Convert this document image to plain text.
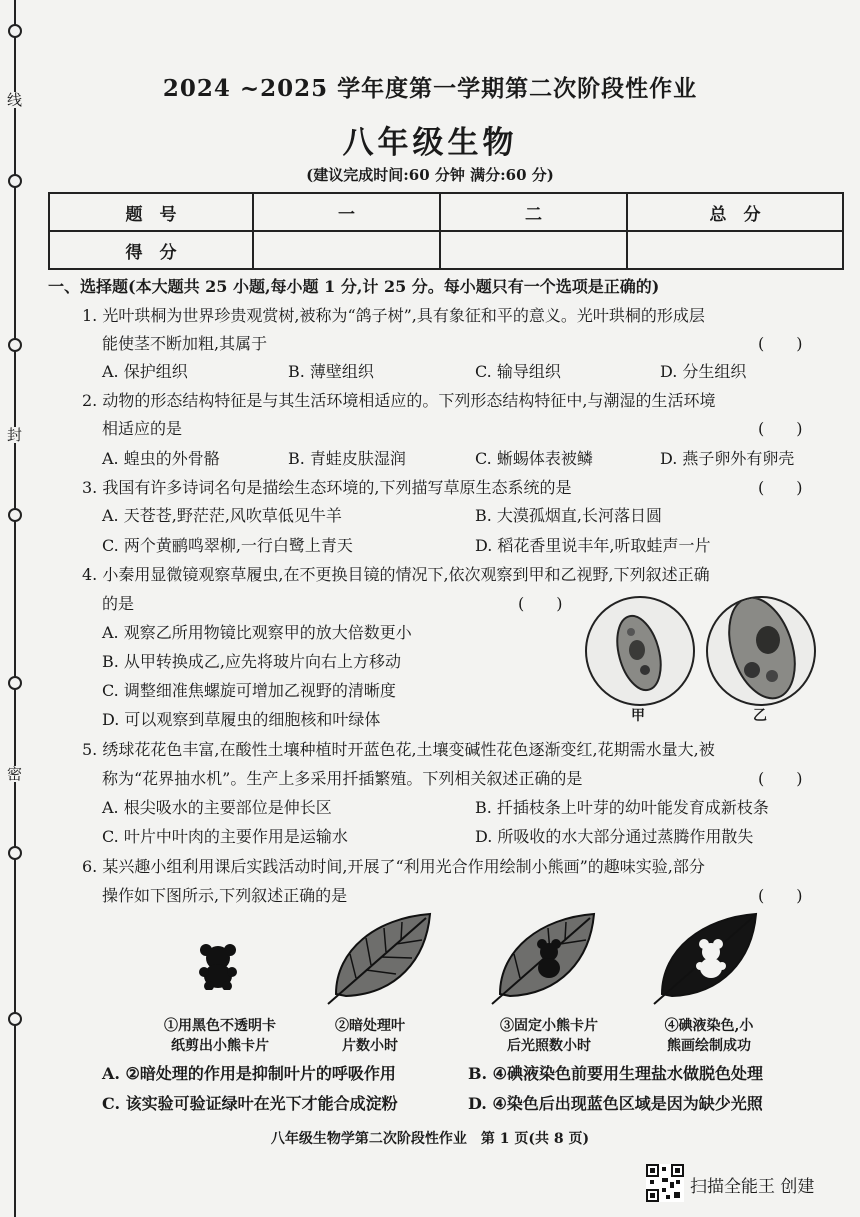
线
封
密
2024 ~2025 学年度第一学期第二次阶段性作业
八年级生物
(建议完成时间:60 分钟 满分:60 分)
题　号	一	二	总　分
得　分			
一、选择题(本大题共 25 小题,每小题 1 分,计 25 分。每小题只有一个选项是正确的)
1. 光叶珙桐为世界珍贵观赏树,被称为“鸽子树”,具有象征和平的意义。光叶珙桐的形成层
能使茎不断加粗,其属于	(　　)
A. 保护组织	B. 薄壁组织	C. 输导组织	D. 分生组织
2. 动物的形态结构特征是与其生活环境相适应的。下列形态结构特征中,与潮湿的生活环境
相适应的是	(　　)
A. 蝗虫的外骨骼	B. 青蛙皮肤湿润	C. 蜥蜴体表被鳞	D. 燕子卵外有卵壳
3. 我国有许多诗词名句是描绘生态环境的,下列描写草原生态系统的是	(　　)
A. 天苍苍,野茫茫,风吹草低见牛羊	B. 大漠孤烟直,长河落日圆
C. 两个黄鹂鸣翠柳,一行白鹭上青天	D. 稻花香里说丰年,听取蛙声一片
4. 小秦用显微镜观察草履虫,在不更换目镜的情况下,依次观察到甲和乙视野,下列叙述正确
的是	(　　)
A. 观察乙所用物镜比观察甲的放大倍数更小
B. 从甲转换成乙,应先将玻片向右上方移动
C. 调整细准焦螺旋可增加乙视野的清晰度
D. 可以观察到草履虫的细胞核和叶绿体	甲	乙
5. 绣球花花色丰富,在酸性土壤种植时开蓝色花,土壤变碱性花色逐渐变红,花期需水量大,被
称为“花界抽水机”。生产上多采用扦插繁殖。下列相关叙述正确的是	(　　)
A. 根尖吸水的主要部位是伸长区	B. 扦插枝条上叶芽的幼叶能发育成新枝条
C. 叶片中叶肉的主要作用是运输水	D. 所吸收的水大部分通过蒸腾作用散失
6. 某兴趣小组利用课后实践活动时间,开展了“利用光合作用绘制小熊画”的趣味实验,部分
操作如下图所示,下列叙述正确的是	(　　)
①用黑色不透明卡
纸剪出小熊卡片
②暗处理叶
片数小时
③固定小熊卡片
后光照数小时
④碘液染色,小
熊画绘制成功
A. ②暗处理的作用是抑制叶片的呼吸作用	B. ④碘液染色前要用生理盐水做脱色处理
C. 该实验可验证绿叶在光下才能合成淀粉	D. ④染色后出现蓝色区域是因为缺少光照
八年级生物学第二次阶段性作业　第 1 页(共 8 页)
扫描全能王 创建
